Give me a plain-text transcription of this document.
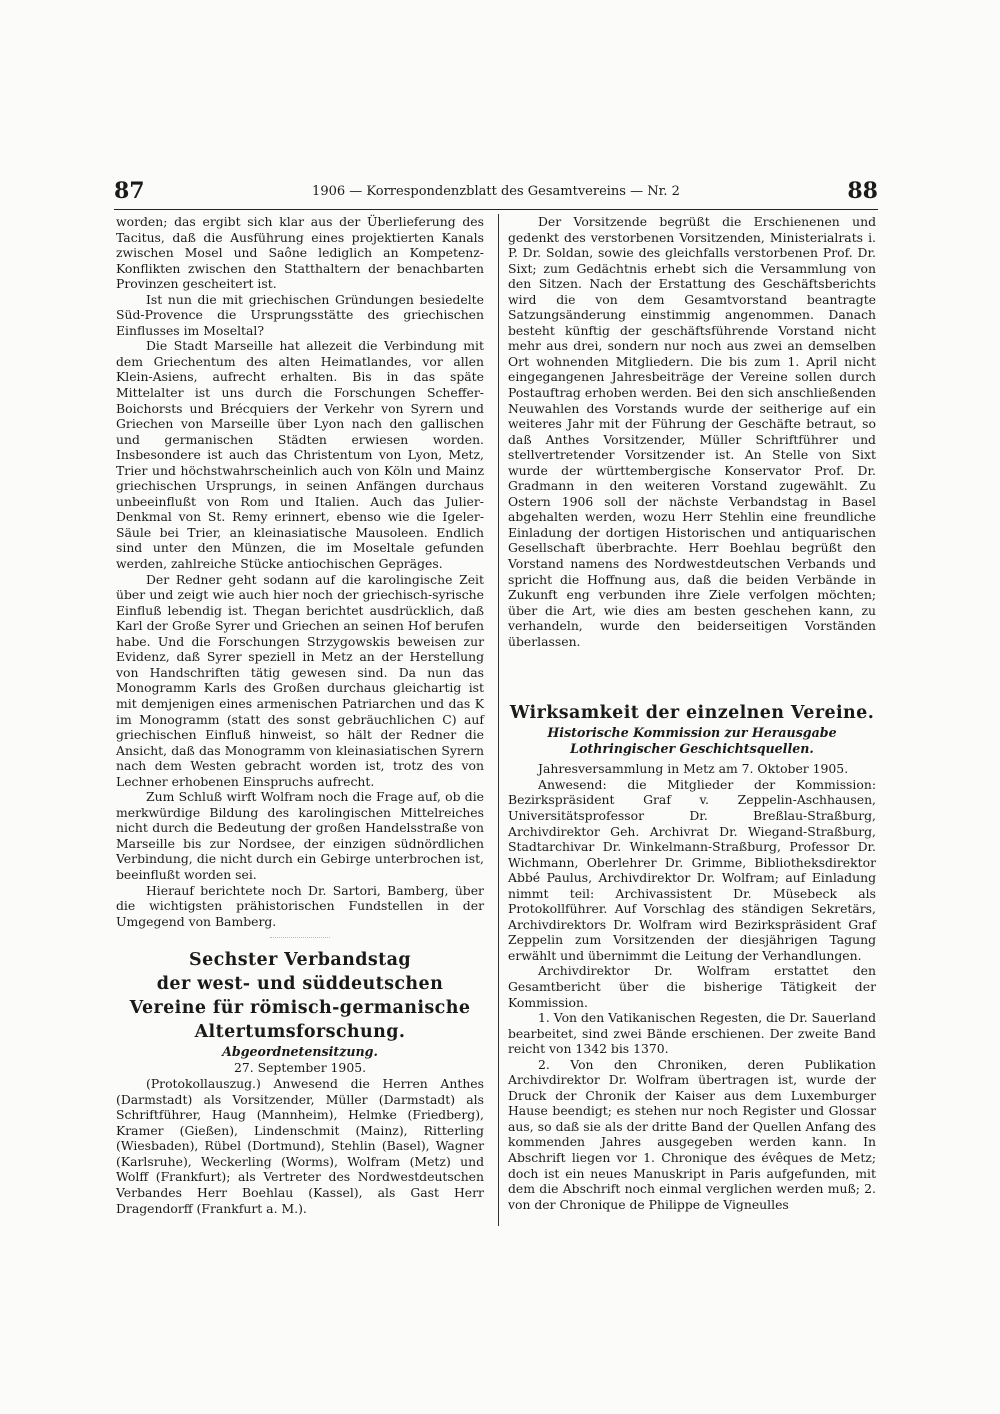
87	1906 — Korrespondenzblatt des Gesamtvereins — Nr. 2	88

worden; das ergibt sich klar aus der Überlieferung des Tacitus, daß die Ausführung eines projektierten Kanals zwischen Mosel und Saône lediglich an Kompetenz-Konflikten zwischen den Statthaltern der benachbarten Provinzen gescheitert ist.

Ist nun die mit griechischen Gründungen besiedelte Süd-Provence die Ursprungsstätte des griechischen Einflusses im Moseltal?

Die Stadt Marseille hat allezeit die Verbindung mit dem Griechentum des alten Heimatlandes, vor allen Klein-Asiens, aufrecht erhalten. Bis in das späte Mittelalter ist uns durch die Forschungen Scheffer-Boichorsts und Brécquiers der Verkehr von Syrern und Griechen von Marseille über Lyon nach den gallischen und germanischen Städten erwiesen worden. Insbesondere ist auch das Christentum von Lyon, Metz, Trier und höchstwahrscheinlich auch von Köln und Mainz griechischen Ursprungs, in seinen Anfängen durchaus unbeeinflußt von Rom und Italien. Auch das Julier-Denkmal von St. Remy erinnert, ebenso wie die Igeler-Säule bei Trier, an kleinasiatische Mausoleen. Endlich sind unter den Münzen, die im Moseltale gefunden werden, zahlreiche Stücke antiochischen Gepräges.

Der Redner geht sodann auf die karolingische Zeit über und zeigt wie auch hier noch der griechisch-syrische Einfluß lebendig ist. Thegan berichtet ausdrücklich, daß Karl der Große Syrer und Griechen an seinen Hof berufen habe. Und die Forschungen Strzygowskis beweisen zur Evidenz, daß Syrer speziell in Metz an der Herstellung von Handschriften tätig gewesen sind. Da nun das Monogramm Karls des Großen durchaus gleichartig ist mit demjenigen eines armenischen Patriarchen und das K im Monogramm (statt des sonst gebräuchlichen C) auf griechischen Einfluß hinweist, so hält der Redner die Ansicht, daß das Monogramm von kleinasiatischen Syrern nach dem Westen gebracht worden ist, trotz des von Lechner erhobenen Einspruchs aufrecht.

Zum Schluß wirft Wolfram noch die Frage auf, ob die merkwürdige Bildung des karolingischen Mittelreiches nicht durch die Bedeutung der großen Handelsstraße von Marseille bis zur Nordsee, der einzigen südnördlichen Verbindung, die nicht durch ein Gebirge unterbrochen ist, beeinflußt worden sei.

Hierauf berichtete noch Dr. Sartori, Bamberg, über die wichtigsten prähistorischen Fundstellen in der Umgegend von Bamberg.

Sechster Verbandstag

der west- und süddeutschen Vereine für römisch-germanische Altertumsforschung.

Abgeordnetensitzung.

27. September 1905.

(Protokollauszug.) Anwesend die Herren Anthes (Darmstadt) als Vorsitzender, Müller (Darmstadt) als Schriftführer, Haug (Mannheim), Helmke (Friedberg), Kramer (Gießen), Lindenschmit (Mainz), Ritterling (Wiesbaden), Rübel (Dortmund), Stehlin (Basel), Wagner (Karlsruhe), Weckerling (Worms), Wolfram (Metz) und Wolff (Frankfurt); als Vertreter des Nordwestdeutschen Verbandes Herr Boehlau (Kassel), als Gast Herr Dragendorff (Frankfurt a. M.).

Der Vorsitzende begrüßt die Erschienenen und gedenkt des verstorbenen Vorsitzenden, Ministerialrats i. P. Dr. Soldan, sowie des gleichfalls verstorbenen Prof. Dr. Sixt; zum Gedächtnis erhebt sich die Versammlung von den Sitzen. Nach der Erstattung des Geschäftsberichts wird die von dem Gesamtvorstand beantragte Satzungsänderung einstimmig angenommen. Danach besteht künftig der geschäftsführende Vorstand nicht mehr aus drei, sondern nur noch aus zwei an demselben Ort wohnenden Mitgliedern. Die bis zum 1. April nicht eingegangenen Jahresbeiträge der Vereine sollen durch Postauftrag erhoben werden. Bei den sich anschließenden Neuwahlen des Vorstands wurde der seitherige auf ein weiteres Jahr mit der Führung der Geschäfte betraut, so daß Anthes Vorsitzender, Müller Schriftführer und stellvertretender Vorsitzender ist. An Stelle von Sixt wurde der württembergische Konservator Prof. Dr. Gradmann in den weiteren Vorstand zugewählt. Zu Ostern 1906 soll der nächste Verbandstag in Basel abgehalten werden, wozu Herr Stehlin eine freundliche Einladung der dortigen Historischen und antiquarischen Gesellschaft überbrachte. Herr Boehlau begrüßt den Vorstand namens des Nordwestdeutschen Verbands und spricht die Hoffnung aus, daß die beiden Verbände in Zukunft eng verbunden ihre Ziele verfolgen möchten; über die Art, wie dies am besten geschehen kann, zu verhandeln, wurde den beiderseitigen Vorständen überlassen.

Wirksamkeit der einzelnen Vereine.

Historische Kommission zur Herausgabe Lothringischer Geschichtsquellen.

Jahresversammlung in Metz am 7. Oktober 1905.

Anwesend: die Mitglieder der Kommission: Bezirkspräsident Graf v. Zeppelin-Aschhausen, Universitätsprofessor Dr. Breßlau-Straßburg, Archivdirektor Geh. Archivrat Dr. Wiegand-Straßburg, Stadtarchivar Dr. Winkelmann-Straßburg, Professor Dr. Wichmann, Oberlehrer Dr. Grimme, Bibliotheksdirektor Abbé Paulus, Archivdirektor Dr. Wolfram; auf Einladung nimmt teil: Archivassistent Dr. Müsebeck als Protokollführer. Auf Vorschlag des ständigen Sekretärs, Archivdirektors Dr. Wolfram wird Bezirkspräsident Graf Zeppelin zum Vorsitzenden der diesjährigen Tagung erwählt und übernimmt die Leitung der Verhandlungen.

Archivdirektor Dr. Wolfram erstattet den Gesamtbericht über die bisherige Tätigkeit der Kommission.

1. Von den Vatikanischen Regesten, die Dr. Sauerland bearbeitet, sind zwei Bände erschienen. Der zweite Band reicht von 1342 bis 1370.

2. Von den Chroniken, deren Publikation Archivdirektor Dr. Wolfram übertragen ist, wurde der Druck der Chronik der Kaiser aus dem Luxemburger Hause beendigt; es stehen nur noch Register und Glossar aus, so daß sie als der dritte Band der Quellen Anfang des kommenden Jahres ausgegeben werden kann. In Abschrift liegen vor 1. Chronique des évêques de Metz; doch ist ein neues Manuskript in Paris aufgefunden, mit dem die Abschrift noch einmal verglichen werden muß; 2. von der Chronique de Philippe de Vigneulles
